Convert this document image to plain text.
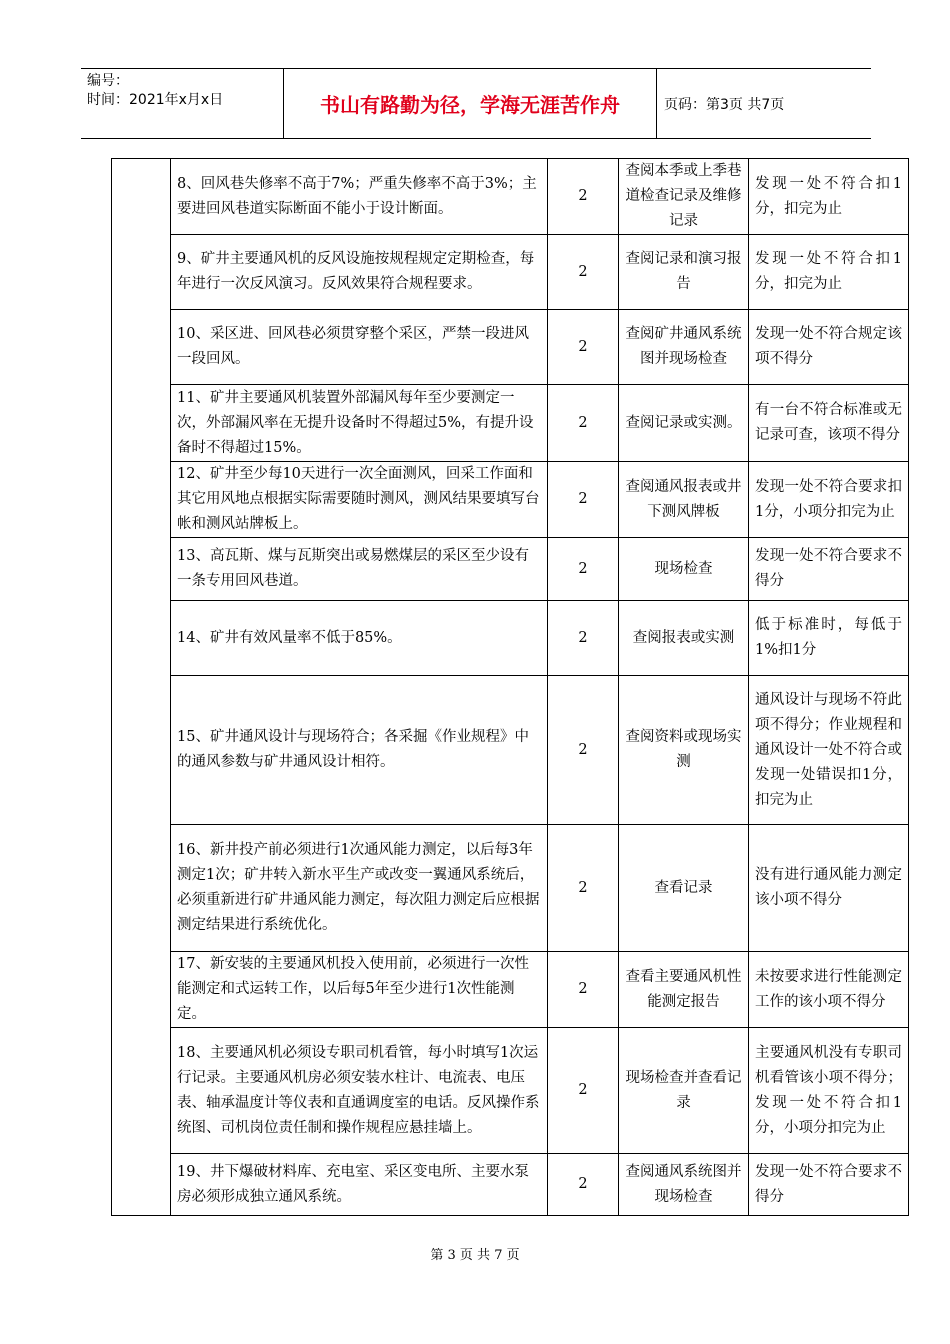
编号：
时间：2021年x月x日	书山有路勤为径，学海无涯苦作舟	页码：第3页 共7页
	8、回风巷失修率不高于7%；严重失修率不高于3%；主要进回风巷道实际断面不能小于设计断面。	2	查阅本季或上季巷道检查记录及维修记录	发现一处不符合扣1分，扣完为止
	9、矿井主要通风机的反风设施按规程规定定期检查，每年进行一次反风演习。反风效果符合规程要求。	2	查阅记录和演习报告	发现一处不符合扣1分，扣完为止
	10、采区进、回风巷必须贯穿整个采区，严禁一段进风一段回风。	2	查阅矿井通风系统图并现场检查	发现一处不符合规定该项不得分
	11、矿井主要通风机装置外部漏风每年至少要测定一次，外部漏风率在无提升设备时不得超过5%，有提升设备时不得超过15%。	2	查阅记录或实测。	有一台不符合标准或无记录可查，该项不得分
	12、矿井至少每10天进行一次全面测风，回采工作面和其它用风地点根据实际需要随时测风，测风结果要填写台帐和测风站牌板上。	2	查阅通风报表或井下测风牌板	发现一处不符合要求扣1分，小项分扣完为止
	13、高瓦斯、煤与瓦斯突出或易燃煤层的采区至少设有一条专用回风巷道。	2	现场检查	发现一处不符合要求不得分
	14、矿井有效风量率不低于85%。	2	查阅报表或实测	低于标准时，每低于1%扣1分
	15、矿井通风设计与现场符合；各采掘《作业规程》中的通风参数与矿井通风设计相符。	2	查阅资料或现场实测	通风设计与现场不符此项不得分；作业规程和通风设计一处不符合或发现一处错误扣1分，扣完为止
	16、新井投产前必须进行1次通风能力测定，以后每3年测定1次；矿井转入新水平生产或改变一翼通风系统后，必须重新进行矿井通风能力测定，每次阻力测定后应根据测定结果进行系统优化。	2	查看记录	没有进行通风能力测定该小项不得分
	17、新安装的主要通风机投入使用前，必须进行一次性能测定和式运转工作，以后每5年至少进行1次性能测定。	2	查看主要通风机性能测定报告	未按要求进行性能测定工作的该小项不得分
	18、主要通风机必须设专职司机看管，每小时填写1次运行记录。主要通风机房必须安装水柱计、电流表、电压表、轴承温度计等仪表和直通调度室的电话。反风操作系统图、司机岗位责任制和操作规程应悬挂墙上。	2	现场检查并查看记录	主要通风机没有专职司机看管该小项不得分；发现一处不符合扣1分，小项分扣完为止
	19、井下爆破材料库、充电室、采区变电所、主要水泵房必须形成独立通风系统。	2	查阅通风系统图并现场检查	发现一处不符合要求不得分
第 3 页 共 7 页
